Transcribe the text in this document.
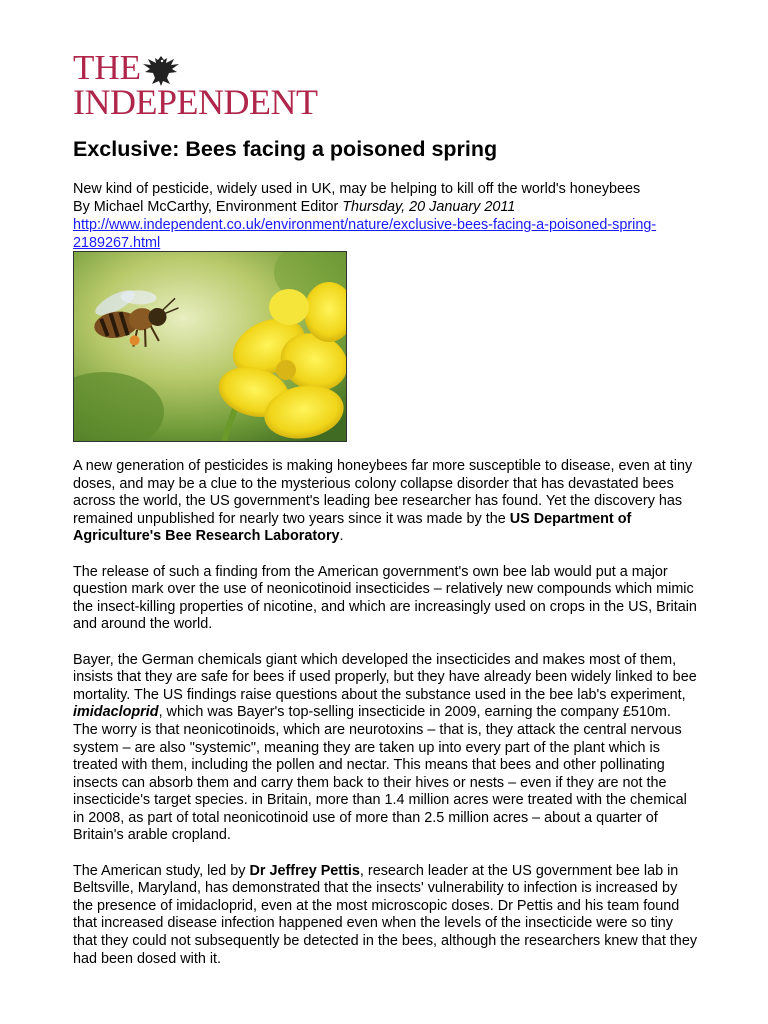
THE
INDEPENDENT
Exclusive: Bees facing a poisoned spring

New kind of pesticide, widely used in UK, may be helping to kill off the world's honeybees

By Michael McCarthy, Environment Editor Thursday, 20 January 2011

http://www.independent.co.uk/environment/nature/exclusive-bees-facing-a-poisoned-spring-2189267.html

A new generation of pesticides is making honeybees far more susceptible to disease, even at tiny doses, and may be a clue to the mysterious colony collapse disorder that has devastated bees across the world, the US government's leading bee researcher has found. Yet the discovery has remained unpublished for nearly two years since it was made by the US Department of Agriculture's Bee Research Laboratory.

The release of such a finding from the American government's own bee lab would put a major question mark over the use of neonicotinoid insecticides – relatively new compounds which mimic the insect-killing properties of nicotine, and which are increasingly used on crops in the US, Britain and around the world.

Bayer, the German chemicals giant which developed the insecticides and makes most of them, insists that they are safe for bees if used properly, but they have already been widely linked to bee mortality. The US findings raise questions about the substance used in the bee lab's experiment, imidacloprid, which was Bayer's top-selling insecticide in 2009, earning the company £510m. The worry is that neonicotinoids, which are neurotoxins – that is, they attack the central nervous system – are also "systemic", meaning they are taken up into every part of the plant which is treated with them, including the pollen and nectar. This means that bees and other pollinating insects can absorb them and carry them back to their hives or nests – even if they are not the insecticide's target species. in Britain, more than 1.4 million acres were treated with the chemical in 2008, as part of total neonicotinoid use of more than 2.5 million acres – about a quarter of Britain's arable cropland.

The American study, led by Dr Jeffrey Pettis, research leader at the US government bee lab in Beltsville, Maryland, has demonstrated that the insects' vulnerability to infection is increased by the presence of imidacloprid, even at the most microscopic doses. Dr Pettis and his team found that increased disease infection happened even when the levels of the insecticide were so tiny that they could not subsequently be detected in the bees, although the researchers knew that they had been dosed with it.
